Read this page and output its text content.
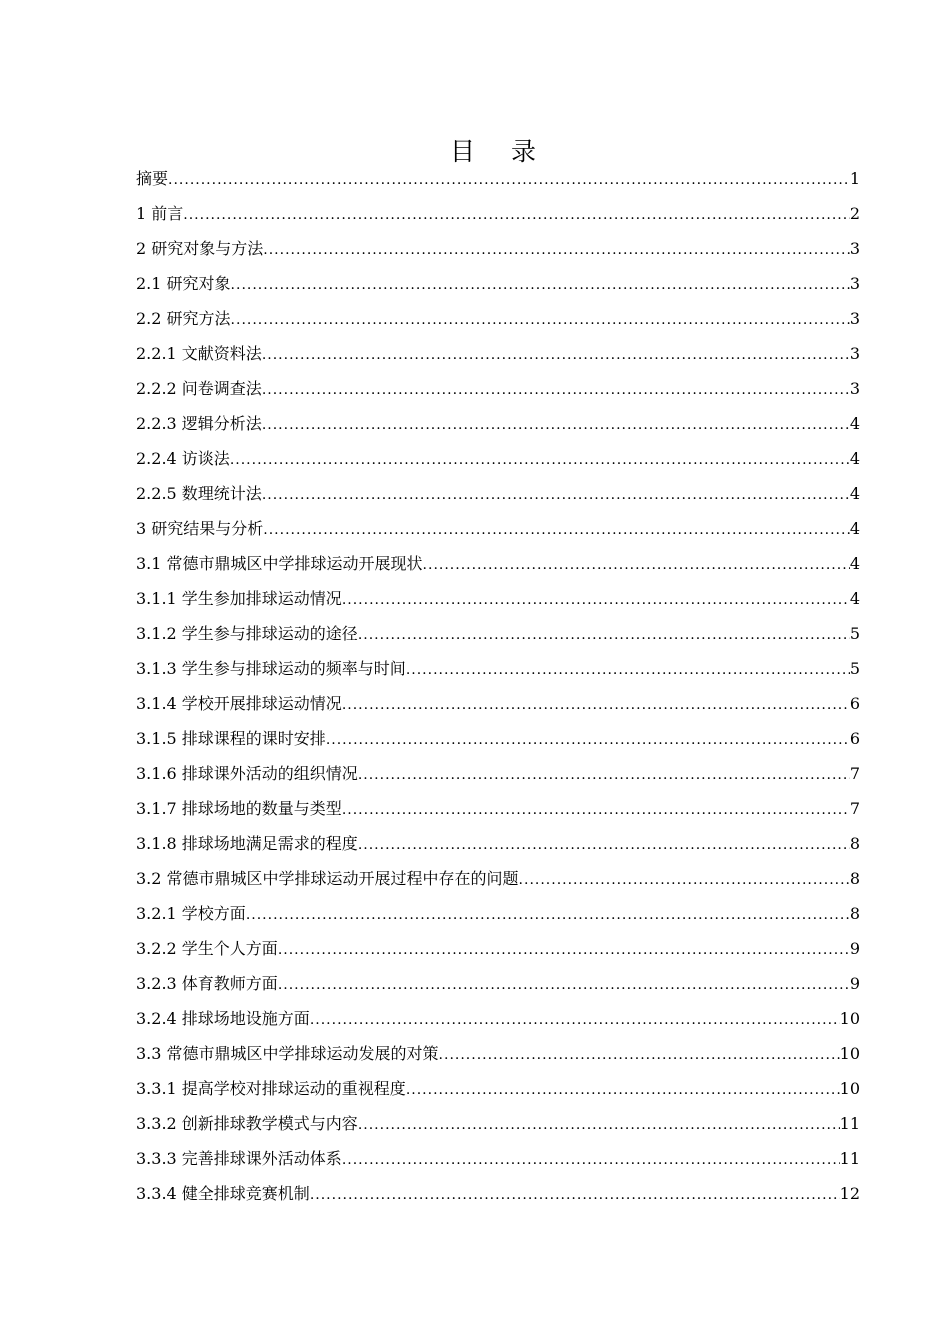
目 录
摘要 .....	1
1 前言 .....	2
2 研究对象与方法 .....	3
2.1 研究对象 .....	3
2.2 研究方法 .....	3
2.2.1 文献资料法 .....	3
2.2.2 问卷调查法 .....	3
2.2.3 逻辑分析法 .....	4
2.2.4 访谈法 .....	4
2.2.5 数理统计法 .....	4
3 研究结果与分析 .....	4
3.1 常德市鼎城区中学排球运动开展现状 .....	4
3.1.1 学生参加排球运动情况 .....	4
3.1.2 学生参与排球运动的途径 .....	5
3.1.3 学生参与排球运动的频率与时间 .....	5
3.1.4 学校开展排球运动情况 .....	6
3.1.5 排球课程的课时安排 .....	6
3.1.6 排球课外活动的组织情况 .....	7
3.1.7 排球场地的数量与类型 .....	7
3.1.8 排球场地满足需求的程度 .....	8
3.2 常德市鼎城区中学排球运动开展过程中存在的问题 .....	8
3.2.1 学校方面 .....	8
3.2.2 学生个人方面 .....	9
3.2.3 体育教师方面 .....	9
3.2.4 排球场地设施方面 .....	10
3.3 常德市鼎城区中学排球运动发展的对策 .....	10
3.3.1 提高学校对排球运动的重视程度 .....	10
3.3.2 创新排球教学模式与内容 .....	11
3.3.3 完善排球课外活动体系 .....	11
3.3.4 健全排球竞赛机制 .....	12
